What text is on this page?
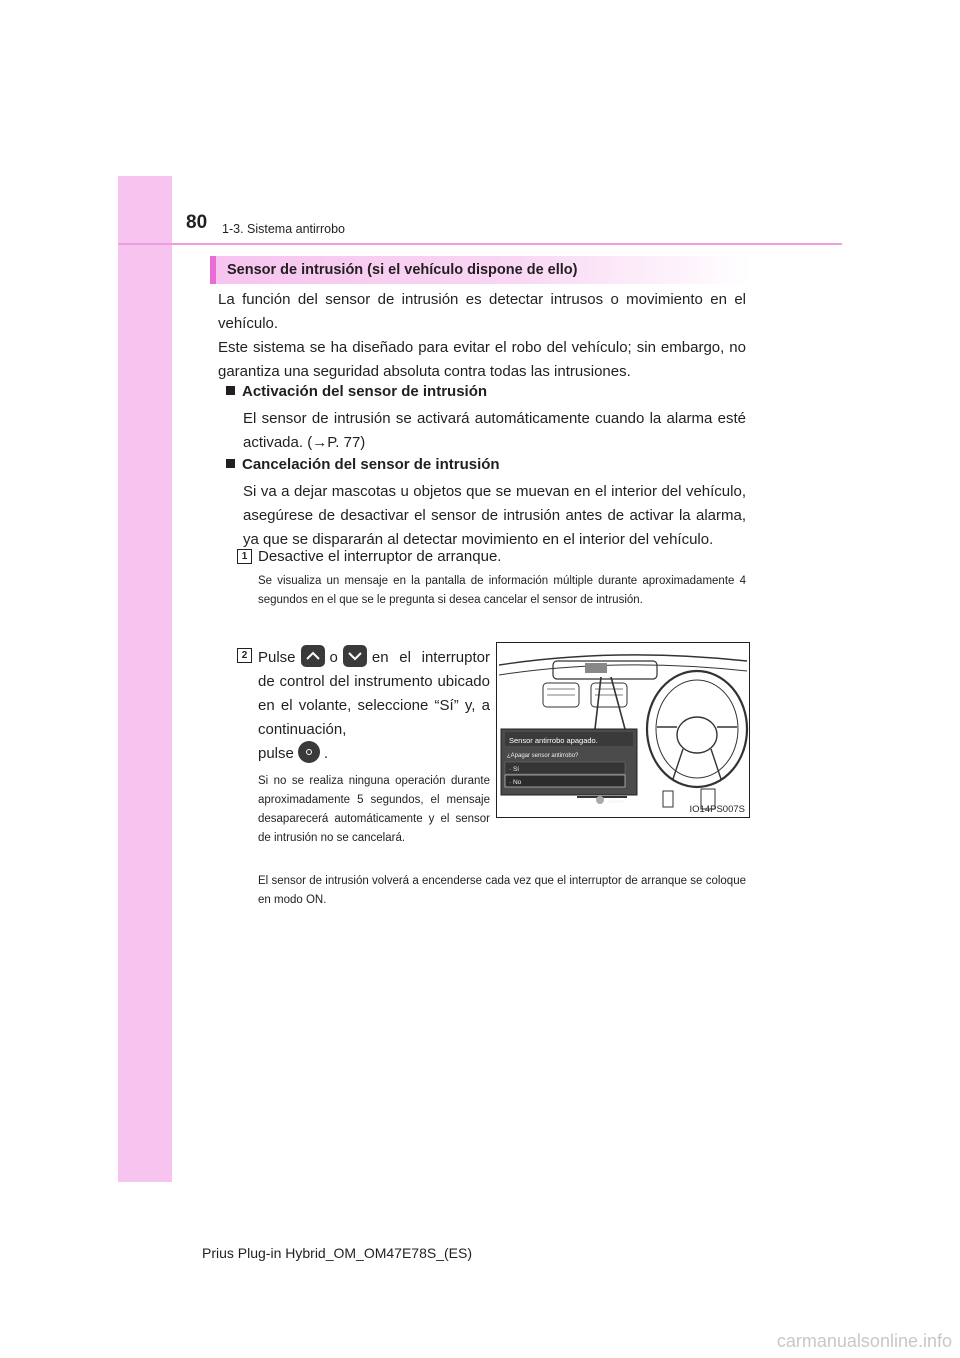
80 1-3. Sistema antirrobo
Sensor de intrusión (si el vehículo dispone de ello)

La función del sensor de intrusión es detectar intrusos o movimiento en el vehículo.

Este sistema se ha diseñado para evitar el robo del vehículo; sin embargo, no garantiza una seguridad absoluta contra todas las intrusiones.

Activación del sensor de intrusión

El sensor de intrusión se activará automáticamente cuando la alarma esté activada. (→P. 77)

Cancelación del sensor de intrusión

Si va a dejar mascotas u objetos que se muevan en el interior del vehículo, asegúrese de desactivar el sensor de intrusión antes de activar la alarma, ya que se dispararán al detectar movimiento en el interior del vehículo.

1 Desactive el interruptor de arranque.

Se visualiza un mensaje en la pantalla de información múltiple durante aproximadamente 4 segundos en el que se le pregunta si desea cancelar el sensor de intrusión.

2 Pulse o en el interruptor de control del instrumento ubicado en el volante, seleccione “Sí” y, a continuación,

pulse .

Si no se realiza ninguna operación durante aproximadamente 5 segundos, el mensaje desaparecerá automáticamente y el sensor de intrusión no se cancelará.

El sensor de intrusión volverá a encenderse cada vez que el interruptor de arranque se coloque en modo ON.

Sensor antirrobo apagado.
¿Apagar sensor antirrobo?
· Sí
· No
: Selecc.
IO14PS007S
Prius Plug-in Hybrid_OM_OM47E78S_(ES)
carmanualsonline.info
